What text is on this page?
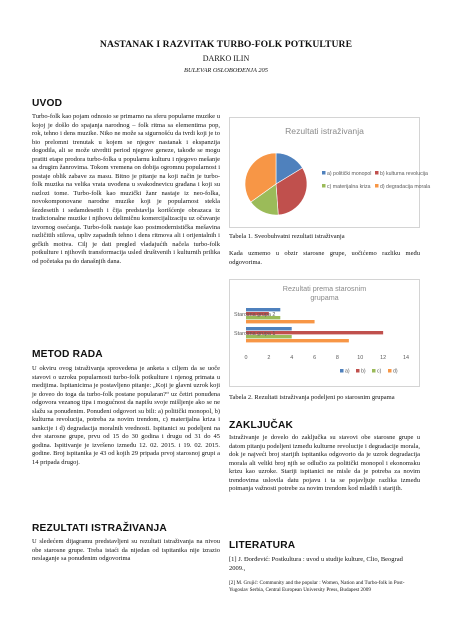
NASTANAK I RAZVITAK TURBO-FOLK POTKULTURE
DARKO ILIN
BULEVAR OSLOBOĐENJA 205
UVOD
Turbo-folk kao pojam odnosio se primarno na sferu popularne muzike u kojoj je došlo do spajanja narodnog – folk ritma sa elementima pop, rok, tehno i dens muzike. Niko ne može sa sigurnošću da tvrdi koji je to bio prelomni trenutak u kojem se njegov nastanak i ekspanzija dogodila, ali se može utvrditi period njegove geneze, takođe se mogu pratiti etape prodora turbo-folka u popularnu kulturu i njegovo mešanje sa drugim žanrovima. Tokom vremena on dobija ogromnu popularnost i postaje oblik zabave za masu. Bitno je pitanje na koji način je turbo-folk muzika na velika vrata uvođena u svakodnevicu građana i koji su razlozi tome. Turbo-folk kao muzički žanr nastaje iz neo-folka, novokomponovane narodne muzike koji je popularnost stekla šezdesetih i sedamdesetih i čija predstavlja korišćenje obrazaca iz tradicionalne muzike i njihovu delimičnu komercijalizaciju uz očuvanje izvornog osećanja. Turbo-folk nastaje kao postmodernistička mešavina različitih stilova, upliv zapadnih tehno i dens ritmova ali i orijentalnih i grčkih motiva. Cilj je dati pregled vladajućih načela turbo-folk potkulture i njihovih transformacija usled društvenih i kulturnih prilika od početaka pa do današnjih dana.
METOD RADA
U okviru ovog istraživanja sprovedena je anketa s ciljem da se uoče stavovi o uzroku popularnosti turbo-folk potkulture i njenog primata u medijima. Ispitanicima je postavljeno pitanje: „Koji je glavni uzrok koji je doveo do toga da turbo-folk postane popularan?“ uz četiri ponuđena odgovora vezanog tipa i mogućnost da napišu svoje mišljenje ako se ne slažu sa ponuđenim. Ponuđeni odgovori su bili: a) politički monopol, b) kulturna revolucija, potreba za novim trendom, c) materijalna kriza i sankcije i d) degradacija moralnih vrednosti. Ispitanici su podeljeni na dve starosne grupe, prvu od 15 do 30 godina i drugu od 31 do 45 godina. Ispitivanje je izvršeno između 12. 02. 2015. i 19. 02. 2015. godine. Broj ispitanika je 43 od kojih 29 pripada prvoj starosnoj grupi a 14 pripada drugoj.
REZULTATI ISTRAŽIVANJA
U sledećem dijagramu predstavljeni su rezultati istraživanja na nivou obe starosne grupe. Treba istaći da nijedan od ispitanika nije izrazio neslaganje sa ponuđenim odgovorima
Rezultati istraživanja
a) politički monopol b) kulturna revolucija
c) materijalna kriza d) degradacija morala
Tabela 1. Sveobuhvatni rezultati istraživanja
Kada uzmemo u obzir starosne grupe, uočićemo razliku među odgovorima.
Rezultati prema starosnim grupama
Starosna grupa 2
Starosna grupa 1
0	2	4	6	8	10	12	14
a) b) c) d)
Tabela 2. Rezultati istraživanja podeljeni po starosnim grupama
ZAKLJUČAK
Istraživanje je dovelo do zaključka su stavovi obe starosne grupe u datom pitanju podeljeni između kulturne revolucije i degradacije morala, dok je najveći broj starijih ispitanika odgovorio da je uzrok degradacija morala ali veliki broj njih se odlučio za politički monopol i ekonomsku krizu kao uzroke. Stariji ispitanici ne misle da je potreba za novim trendovima uslovila datu pojavu i ta se pojavljuje razlika između poimanja važnosti potrebe za novim trendom kod mladih i starijih.
LITERATURA
[1] J. Đorđević: Postkultura : uvod u studije kulture, Clio, Beograd 2009.,
[2] M. Grujić: Community and the popular : Women, Nation and Turbo-folk in Post-Yugoslav Serbia, Central European University Press, Budapest 2009
